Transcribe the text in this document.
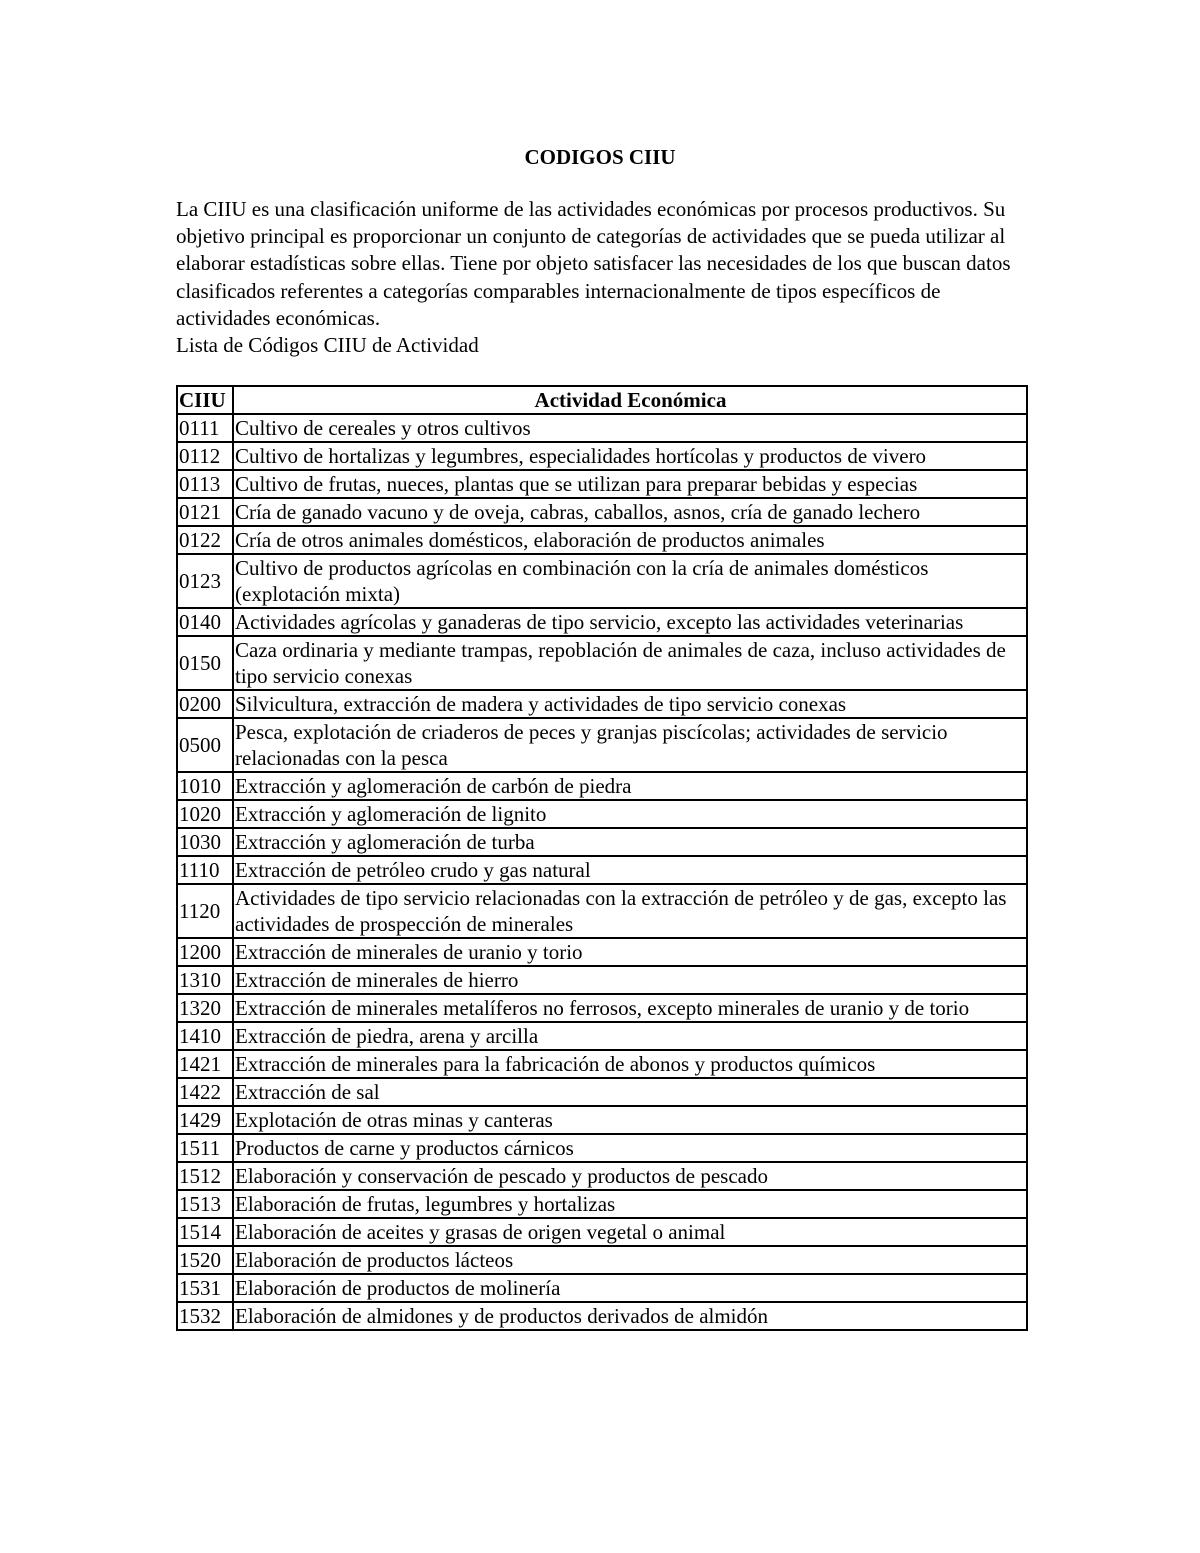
CODIGOS CIIU

La CIIU es una clasificación uniforme de las actividades económicas por procesos productivos. Su objetivo principal es proporcionar un conjunto de categorías de actividades que se pueda utilizar al elaborar estadísticas sobre ellas. Tiene por objeto satisfacer las necesidades de los que buscan datos clasificados referentes a categorías comparables internacionalmente de tipos específicos de actividades económicas.

Lista de Códigos CIIU de Actividad

CIIU	Actividad Económica
0111	Cultivo de cereales y otros cultivos
0112	Cultivo de hortalizas y legumbres, especialidades hortícolas y productos de vivero
0113	Cultivo de frutas, nueces, plantas que se utilizan para preparar bebidas y especias
0121	Cría de ganado vacuno y de oveja, cabras, caballos, asnos, cría de ganado lechero
0122	Cría de otros animales domésticos, elaboración de productos animales
0123	Cultivo de productos agrícolas en combinación con la cría de animales domésticos (explotación mixta)
0140	Actividades agrícolas y ganaderas de tipo servicio, excepto las actividades veterinarias
0150	Caza ordinaria y mediante trampas, repoblación de animales de caza, incluso actividades de tipo servicio conexas
0200	Silvicultura, extracción de madera y actividades de tipo servicio conexas
0500	Pesca, explotación de criaderos de peces y granjas piscícolas; actividades de servicio relacionadas con la pesca
1010	Extracción y aglomeración de carbón de piedra
1020	Extracción y aglomeración de lignito
1030	Extracción y aglomeración de turba
1110	Extracción de petróleo crudo y gas natural
1120	Actividades de tipo servicio relacionadas con la extracción de petróleo y de gas, excepto las actividades de prospección de minerales
1200	Extracción de minerales de uranio y torio
1310	Extracción de minerales de hierro
1320	Extracción de minerales metalíferos no ferrosos, excepto minerales de uranio y de torio
1410	Extracción de piedra, arena y arcilla
1421	Extracción de minerales para la fabricación de abonos y productos químicos
1422	Extracción de sal
1429	Explotación de otras minas y canteras
1511	Productos de carne y productos cárnicos
1512	Elaboración y conservación de pescado y productos de pescado
1513	Elaboración de frutas, legumbres y hortalizas
1514	Elaboración de aceites y grasas de origen vegetal o animal
1520	Elaboración de productos lácteos
1531	Elaboración de productos de molinería
1532	Elaboración de almidones y de productos derivados de almidón
